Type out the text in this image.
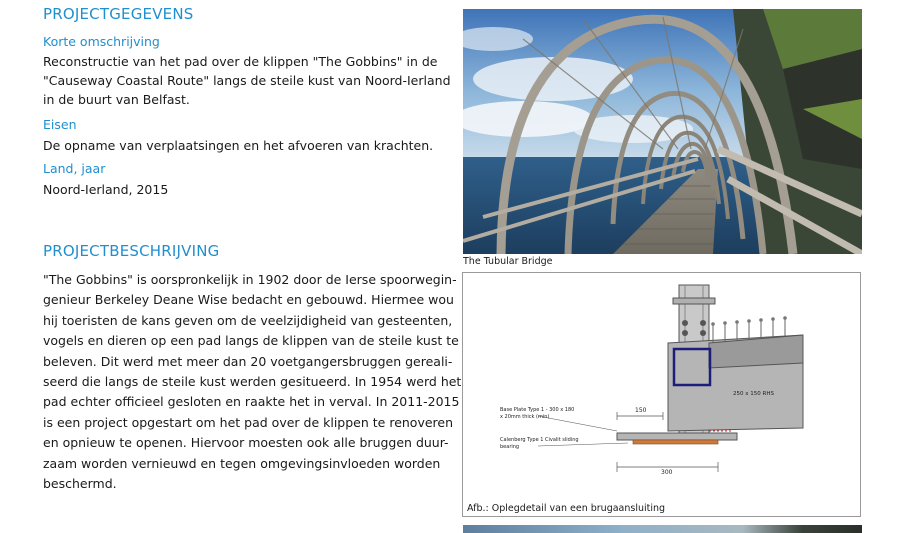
PROJECTGEGEVENS
Korte omschrijving
Reconstructie van het pad over de klippen "The Gobbins" in de
"Causeway Coastal Route" langs de steile kust van Noord-Ierland
in de buurt van Belfast.
Eisen
De opname van verplaatsingen en het afvoeren van krachten.
Land, jaar
Noord-Ierland, 2015
PROJECTBESCHRIJVING
"The Gobbins" is oorspronkelijk in 1902 door de Ierse spoorwegin-
genieur Berkeley Deane Wise bedacht en gebouwd. Hiermee wou
hij toeristen de kans geven om de veelzijdigheid van gesteenten,
vogels en dieren op een pad langs de klippen van de steile kust te
beleven. Dit werd met meer dan 20 voetgangersbruggen gereali-
seerd die langs de steile kust werden gesitueerd. In 1954 werd het
pad echter officieel gesloten en raakte het in verval. In 2011-2015
is een project opgestart om het pad over de klippen te renoveren
en opnieuw te openen. Hiervoor moesten ook alle bruggen duur-
zaam worden vernieuwd en tegen omgevingsinvloeden worden
beschermd.
The Tubular Bridge
150
300
Base Plate Type 1 - 300 x 180
x 20mm thick (min)
Calenberg Type 1 Civalit sliding
bearing
250 x 150 RHS
Afb.: Oplegdetail van een brugaansluiting
